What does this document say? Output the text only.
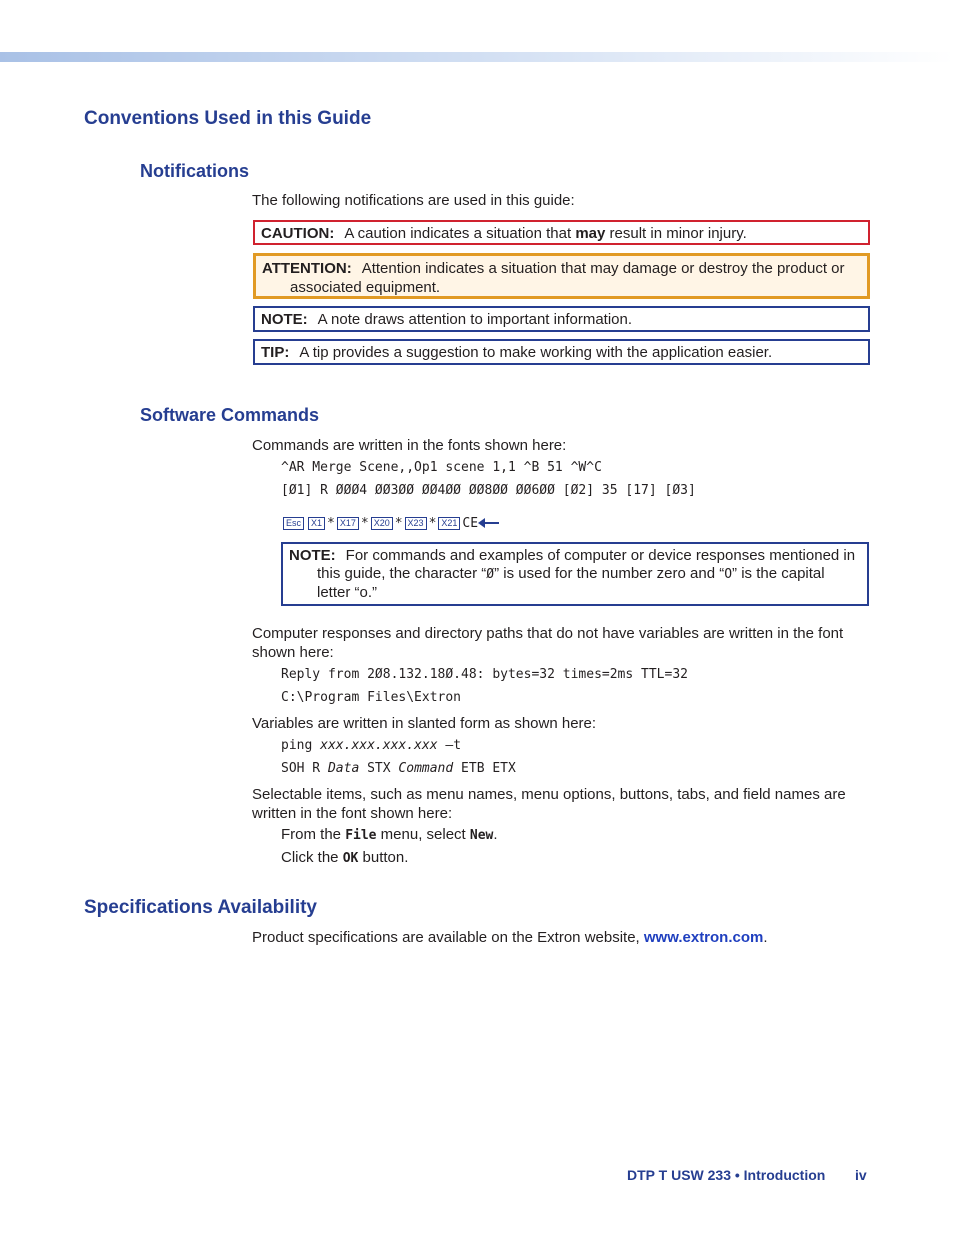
Conventions Used in this Guide
Notifications
The following notifications are used in this guide:
CAUTION: A caution indicates a situation that may result in minor injury.
ATTENTION: Attention indicates a situation that may damage or destroy the product or associated equipment.
NOTE: A note draws attention to important information.
TIP: A tip provides a suggestion to make working with the application easier.
Software Commands
Commands are written in the fonts shown here:
^AR Merge Scene,,Op1 scene 1,1 ^B 51 ^W^C
[Ø1] R ØØØ4 ØØ3ØØ ØØ4ØØ ØØ8ØØ ØØ6ØØ [Ø2] 35 [17] [Ø3]
Esc X1 * X17 * X20 * X23 * X21 CE
NOTE: For commands and examples of computer or device responses mentioned in this guide, the character “Ø” is used for the number zero and “O” is the capital letter “o.”
Computer responses and directory paths that do not have variables are written in the font shown here:
Reply from 2Ø8.132.18Ø.48: bytes=32 times=2ms TTL=32
C:\Program Files\Extron
Variables are written in slanted form as shown here:
ping xxx.xxx.xxx.xxx —t
SOH R Data STX Command ETB ETX
Selectable items, such as menu names, menu options, buttons, tabs, and field names are written in the font shown here:
From the File menu, select New.
Click the OK button.
Specifications Availability
Product specifications are available on the Extron website, www.extron.com.
DTP T USW 233 • Introduction iv
